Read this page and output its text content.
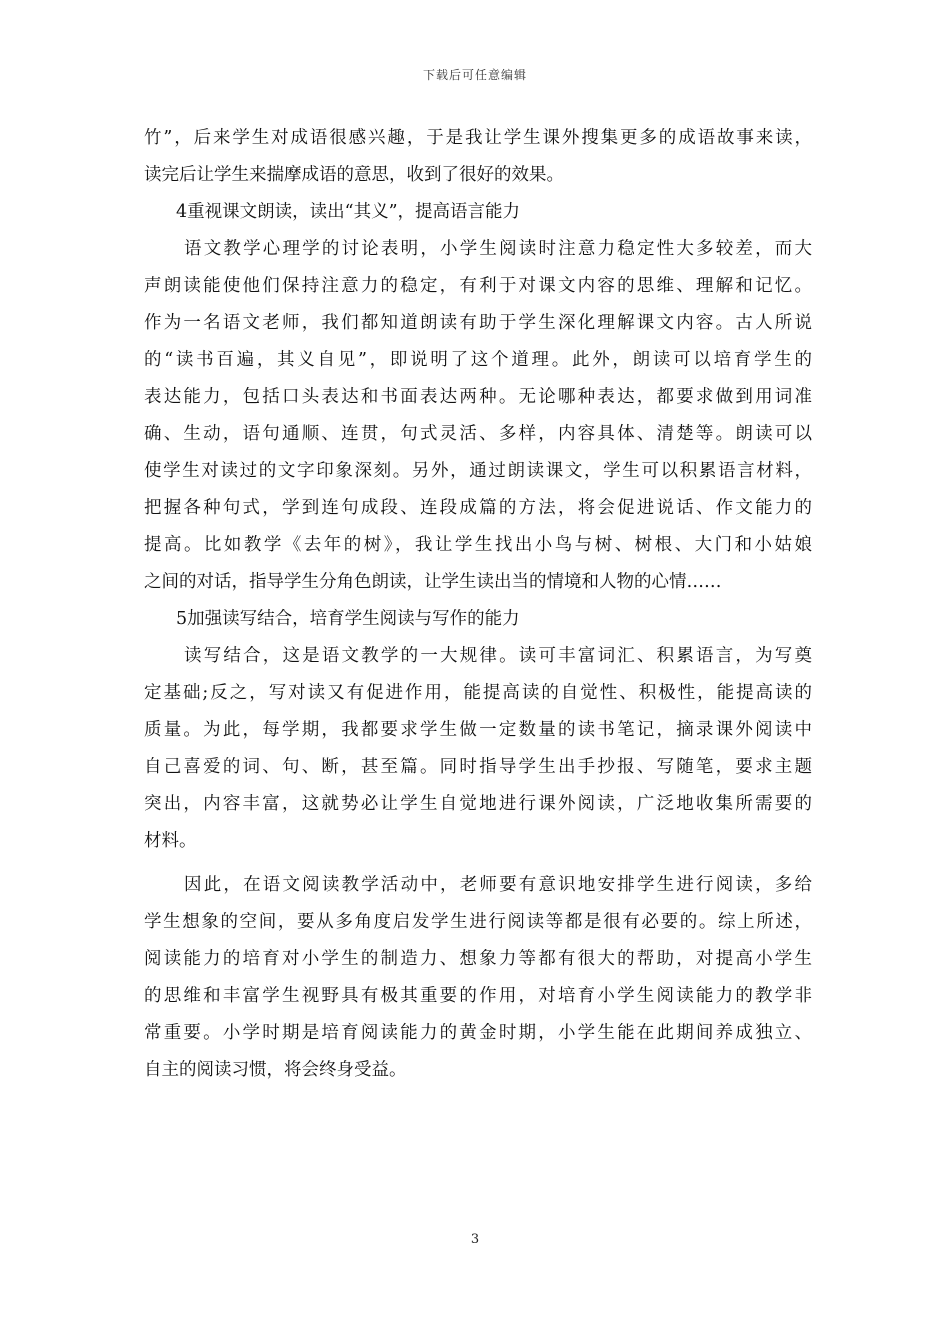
下载后可任意编辑
竹”，后来学生对成语很感兴趣，于是我让学生课外搜集更多的成语故事来读，
读完后让学生来揣摩成语的意思，收到了很好的效果。
4重视课文朗读，读出“其义”，提高语言能力
语文教学心理学的讨论表明，小学生阅读时注意力稳定性大多较差，而大
声朗读能使他们保持注意力的稳定，有利于对课文内容的思维、理解和记忆。
作为一名语文老师，我们都知道朗读有助于学生深化理解课文内容。古人所说
的“读书百遍，其义自见”，即说明了这个道理。此外，朗读可以培育学生的
表达能力，包括口头表达和书面表达两种。无论哪种表达，都要求做到用词准
确、生动，语句通顺、连贯，句式灵活、多样，内容具体、清楚等。朗读可以
使学生对读过的文字印象深刻。另外，通过朗读课文，学生可以积累语言材料，
把握各种句式，学到连句成段、连段成篇的方法，将会促进说话、作文能力的
提高。比如教学《去年的树》，我让学生找出小鸟与树、树根、大门和小姑娘
之间的对话，指导学生分角色朗读，让学生读出当的情境和人物的心情……
5加强读写结合，培育学生阅读与写作的能力
读写结合，这是语文教学的一大规律。读可丰富词汇、积累语言，为写奠
定基础;反之，写对读又有促进作用，能提高读的自觉性、积极性，能提高读的
质量。为此，每学期，我都要求学生做一定数量的读书笔记，摘录课外阅读中
自己喜爱的词、句、断，甚至篇。同时指导学生出手抄报、写随笔，要求主题
突出，内容丰富，这就势必让学生自觉地进行课外阅读，广泛地收集所需要的
材料。
因此，在语文阅读教学活动中，老师要有意识地安排学生进行阅读，多给
学生想象的空间，要从多角度启发学生进行阅读等都是很有必要的。综上所述，
阅读能力的培育对小学生的制造力、想象力等都有很大的帮助，对提高小学生
的思维和丰富学生视野具有极其重要的作用，对培育小学生阅读能力的教学非
常重要。小学时期是培育阅读能力的黄金时期，小学生能在此期间养成独立、
自主的阅读习惯，将会终身受益。
3
